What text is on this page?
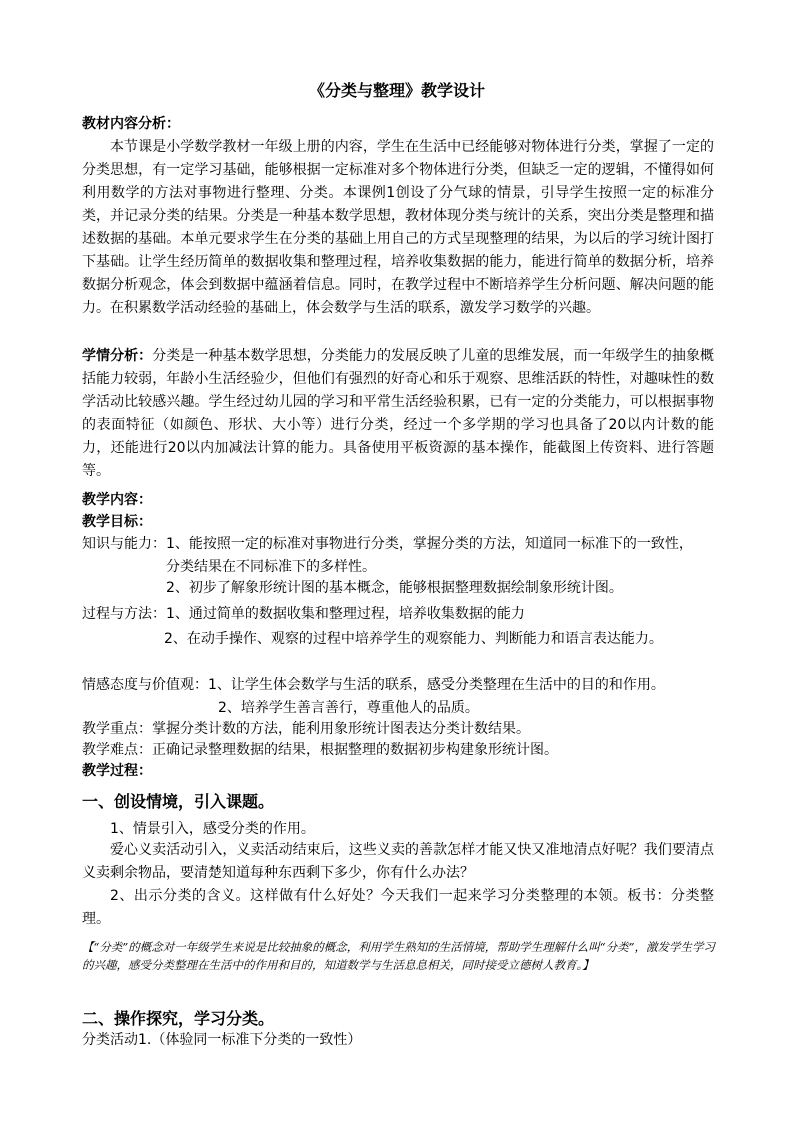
《分类与整理》教学设计
教材内容分析：
本节课是小学数学教材一年级上册的内容，学生在生活中已经能够对物体进行分类，掌握了一定的分类思想，有一定学习基础，能够根据一定标准对多个物体进行分类，但缺乏一定的逻辑，不懂得如何利用数学的方法对事物进行整理、分类。本课例1创设了分气球的情景，引导学生按照一定的标准分类，并记录分类的结果。分类是一种基本数学思想，教材体现分类与统计的关系，突出分类是整理和描述数据的基础。本单元要求学生在分类的基础上用自己的方式呈现整理的结果，为以后的学习统计图打下基础。让学生经历简单的数据收集和整理过程，培养收集数据的能力，能进行简单的数据分析，培养数据分析观念，体会到数据中蕴涵着信息。同时，在教学过程中不断培养学生分析问题、解决问题的能力。在积累数学活动经验的基础上，体会数学与生活的联系，激发学习数学的兴趣。
学情分析：分类是一种基本数学思想，分类能力的发展反映了儿童的思维发展，而一年级学生的抽象概括能力较弱，年龄小生活经验少，但他们有强烈的好奇心和乐于观察、思维活跃的特性，对趣味性的数学活动比较感兴趣。学生经过幼儿园的学习和平常生活经验积累，已有一定的分类能力，可以根据事物的表面特征（如颜色、形状、大小等）进行分类，经过一个多学期的学习也具备了20以内计数的能力，还能进行20以内加减法计算的能力。具备使用平板资源的基本操作，能截图上传资料、进行答题等。
教学内容：
教学目标：
知识与能力： 1、能按照一定的标准对事物进行分类，掌握分类的方法，知道同一标准下的一致性，
分类结果在不同标准下的多样性。
2、初步了解象形统计图的基本概念，能够根据整理数据绘制象形统计图。
过程与方法： 1、通过简单的数据收集和整理过程，培养收集数据的能力
2、在动手操作、观察的过程中培养学生的观察能力、判断能力和语言表达能力。
情感态度与价值观： 1、让学生体会数学与生活的联系，感受分类整理在生活中的目的和作用。
2、培养学生善言善行，尊重他人的品质。
教学重点：掌握分类计数的方法，能利用象形统计图表达分类计数结果。
教学难点：正确记录整理数据的结果，根据整理的数据初步构建象形统计图。
教学过程：
一、创设情境，引入课题。
1、情景引入，感受分类的作用。
爱心义卖活动引入，义卖活动结束后，这些义卖的善款怎样才能又快又准地清点好呢？我们要清点义卖剩余物品，要清楚知道每种东西剩下多少，你有什么办法？
2、出示分类的含义。这样做有什么好处？今天我们一起来学习分类整理的本领。板书：分类整理。
【“分类”的概念对一年级学生来说是比较抽象的概念，利用学生熟知的生活情境，帮助学生理解什么叫“分类”，激发学生学习的兴趣，感受分类整理在生活中的作用和目的，知道数学与生活息息相关，同时接受立德树人教育。】
二、操作探究，学习分类。
分类活动1.（体验同一标准下分类的一致性）
